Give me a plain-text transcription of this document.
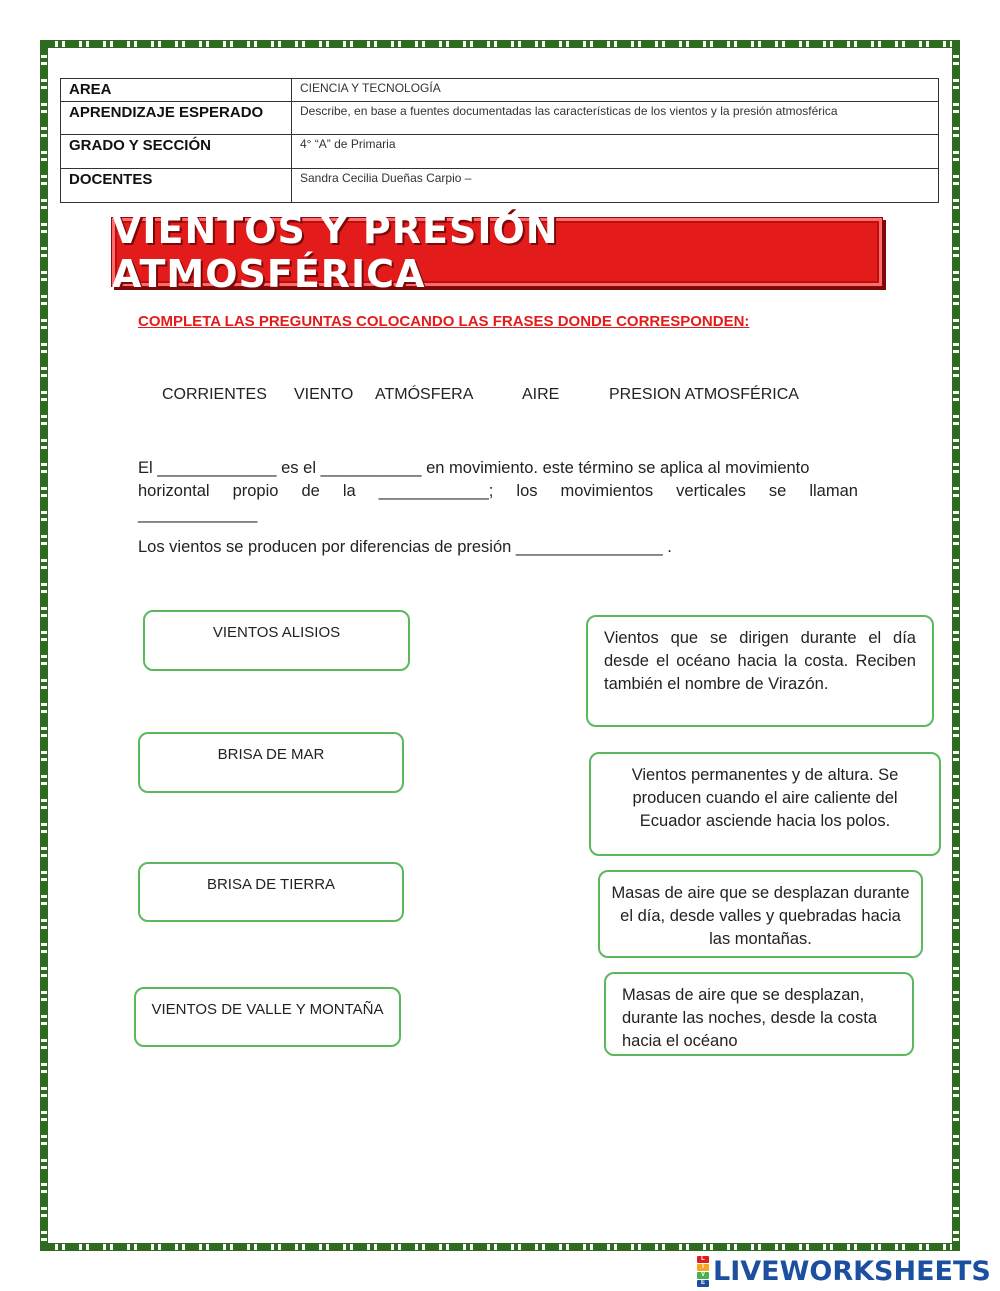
AREA	CIENCIA Y TECNOLOGÍA
APRENDIZAJE ESPERADO	Describe, en base a fuentes documentadas las características de los vientos y la presión atmosférica
GRADO Y SECCIÓN	4° “A” de Primaria
DOCENTES	Sandra Cecilia Dueñas Carpio –
VIENTOS Y PRESIÓN ATMOSFÉRICA
COMPLETA LAS PREGUNTAS COLOCANDO LAS FRASES DONDE CORRESPONDEN:
CORRIENTES VIENTO ATMÓSFERA	AIRE	PRESION ATMOSFÉRICA
El _____________ es el ___________ en movimiento. este término se aplica al movimiento
horizontal propio de la ____________; los movimientos verticales se llaman
_____________
Los vientos se producen por diferencias de presión ________________ .
VIENTOS ALISIOS
BRISA DE MAR
BRISA DE TIERRA
VIENTOS DE VALLE Y MONTAÑA
Vientos que se dirigen durante el día desde el océano hacia la costa. Reciben también el nombre de Virazón.
Vientos permanentes y de altura. Se producen cuando el aire caliente del Ecuador asciende hacia los polos.
Masas de aire que se desplazan durante el día, desde valles y quebradas hacia las montañas.
Masas de aire que se desplazan, durante las noches, desde la costa hacia el océano
L
I
V
E LIVEWORKSHEETS
